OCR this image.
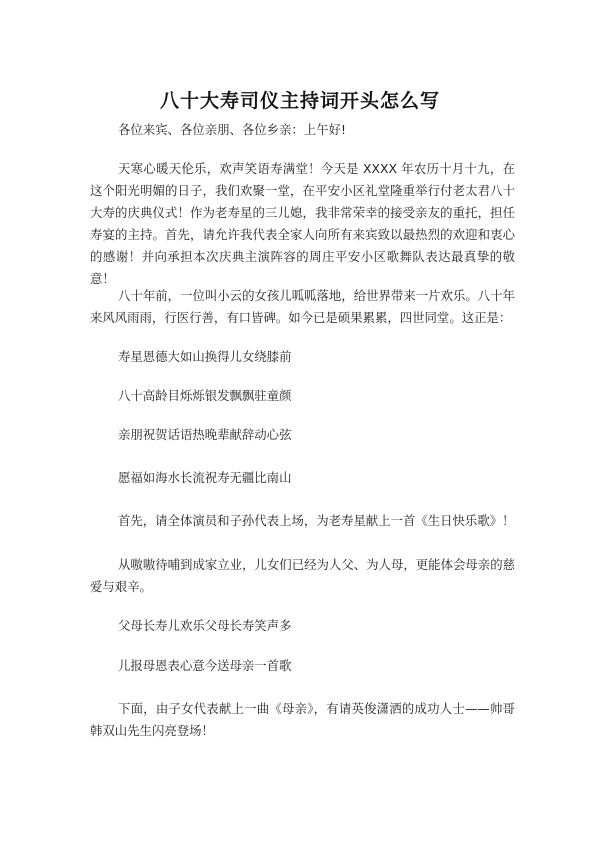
八十大寿司仪主持词开头怎么写

各位来宾、各位亲朋、各位乡亲：上午好!

天寒心暖天伦乐，欢声笑语寿满堂！今天是 XXXX 年农历十月十九，在这个阳光明媚的日子，我们欢聚一堂，在平安小区礼堂隆重举行付老太君八十大寿的庆典仪式！作为老寿星的三儿媳，我非常荣幸的接受亲友的重托，担任寿宴的主持。首先，请允许我代表全家人向所有来宾致以最热烈的欢迎和衷心的感谢！并向承担本次庆典主演阵容的周庄平安小区歌舞队表达最真挚的敬意！

八十年前，一位叫小云的女孩儿呱呱落地，给世界带来一片欢乐。八十年来风风雨雨，行医行善，有口皆碑。如今已是硕果累累，四世同堂。这正是：

寿星恩德大如山换得儿女绕膝前

八十高龄目烁烁银发飘飘驻童颜

亲朋祝贺话语热晚辈献辞动心弦

愿福如海水长流祝寿无疆比南山

首先，请全体演员和子孙代表上场，为老寿星献上一首《生日快乐歌》！

从嗷嗷待哺到成家立业，儿女们已经为人父、为人母，更能体会母亲的慈爱与艰辛。

父母长寿儿欢乐父母长寿笑声多

儿报母恩表心意今送母亲一首歌

下面，由子女代表献上一曲《母亲》，有请英俊潇洒的成功人士——帅哥韩双山先生闪亮登场！
